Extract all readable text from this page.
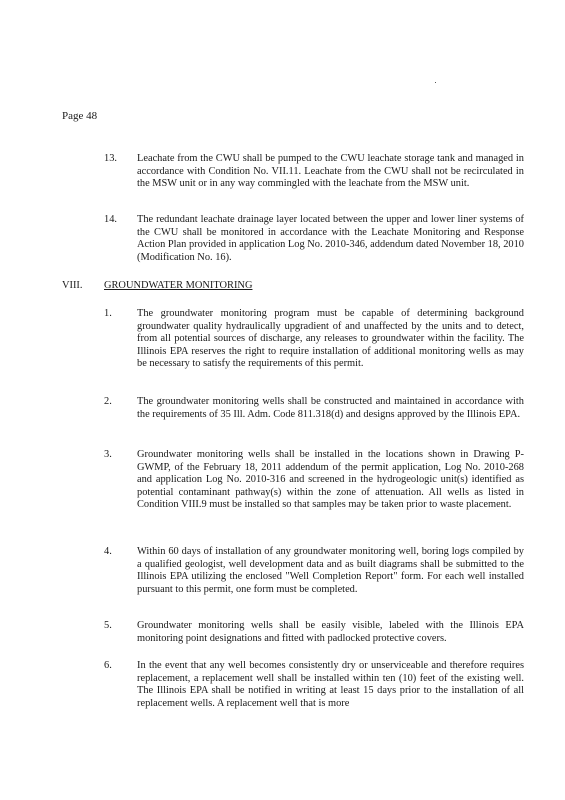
Page 48
13. Leachate from the CWU shall be pumped to the CWU leachate storage tank and managed in accordance with Condition No. VII.11. Leachate from the CWU shall not be recirculated in the MSW unit or in any way commingled with the leachate from the MSW unit.
14. The redundant leachate drainage layer located between the upper and lower liner systems of the CWU shall be monitored in accordance with the Leachate Monitoring and Response Action Plan provided in application Log No. 2010-346, addendum dated November 18, 2010 (Modification No. 16).
VIII. GROUNDWATER MONITORING
1. The groundwater monitoring program must be capable of determining background groundwater quality hydraulically upgradient of and unaffected by the units and to detect, from all potential sources of discharge, any releases to groundwater within the facility. The Illinois EPA reserves the right to require installation of additional monitoring wells as may be necessary to satisfy the requirements of this permit.
2. The groundwater monitoring wells shall be constructed and maintained in accordance with the requirements of 35 Ill. Adm. Code 811.318(d) and designs approved by the Illinois EPA.
3. Groundwater monitoring wells shall be installed in the locations shown in Drawing P-GWMP, of the February 18, 2011 addendum of the permit application, Log No. 2010-268 and application Log No. 2010-316 and screened in the hydrogeologic unit(s) identified as potential contaminant pathway(s) within the zone of attenuation. All wells as listed in Condition VIII.9 must be installed so that samples may be taken prior to waste placement.
4. Within 60 days of installation of any groundwater monitoring well, boring logs compiled by a qualified geologist, well development data and as built diagrams shall be submitted to the Illinois EPA utilizing the enclosed "Well Completion Report" form. For each well installed pursuant to this permit, one form must be completed.
5. Groundwater monitoring wells shall be easily visible, labeled with the Illinois EPA monitoring point designations and fitted with padlocked protective covers.
6. In the event that any well becomes consistently dry or unserviceable and therefore requires replacement, a replacement well shall be installed within ten (10) feet of the existing well. The Illinois EPA shall be notified in writing at least 15 days prior to the installation of all replacement wells. A replacement well that is more
